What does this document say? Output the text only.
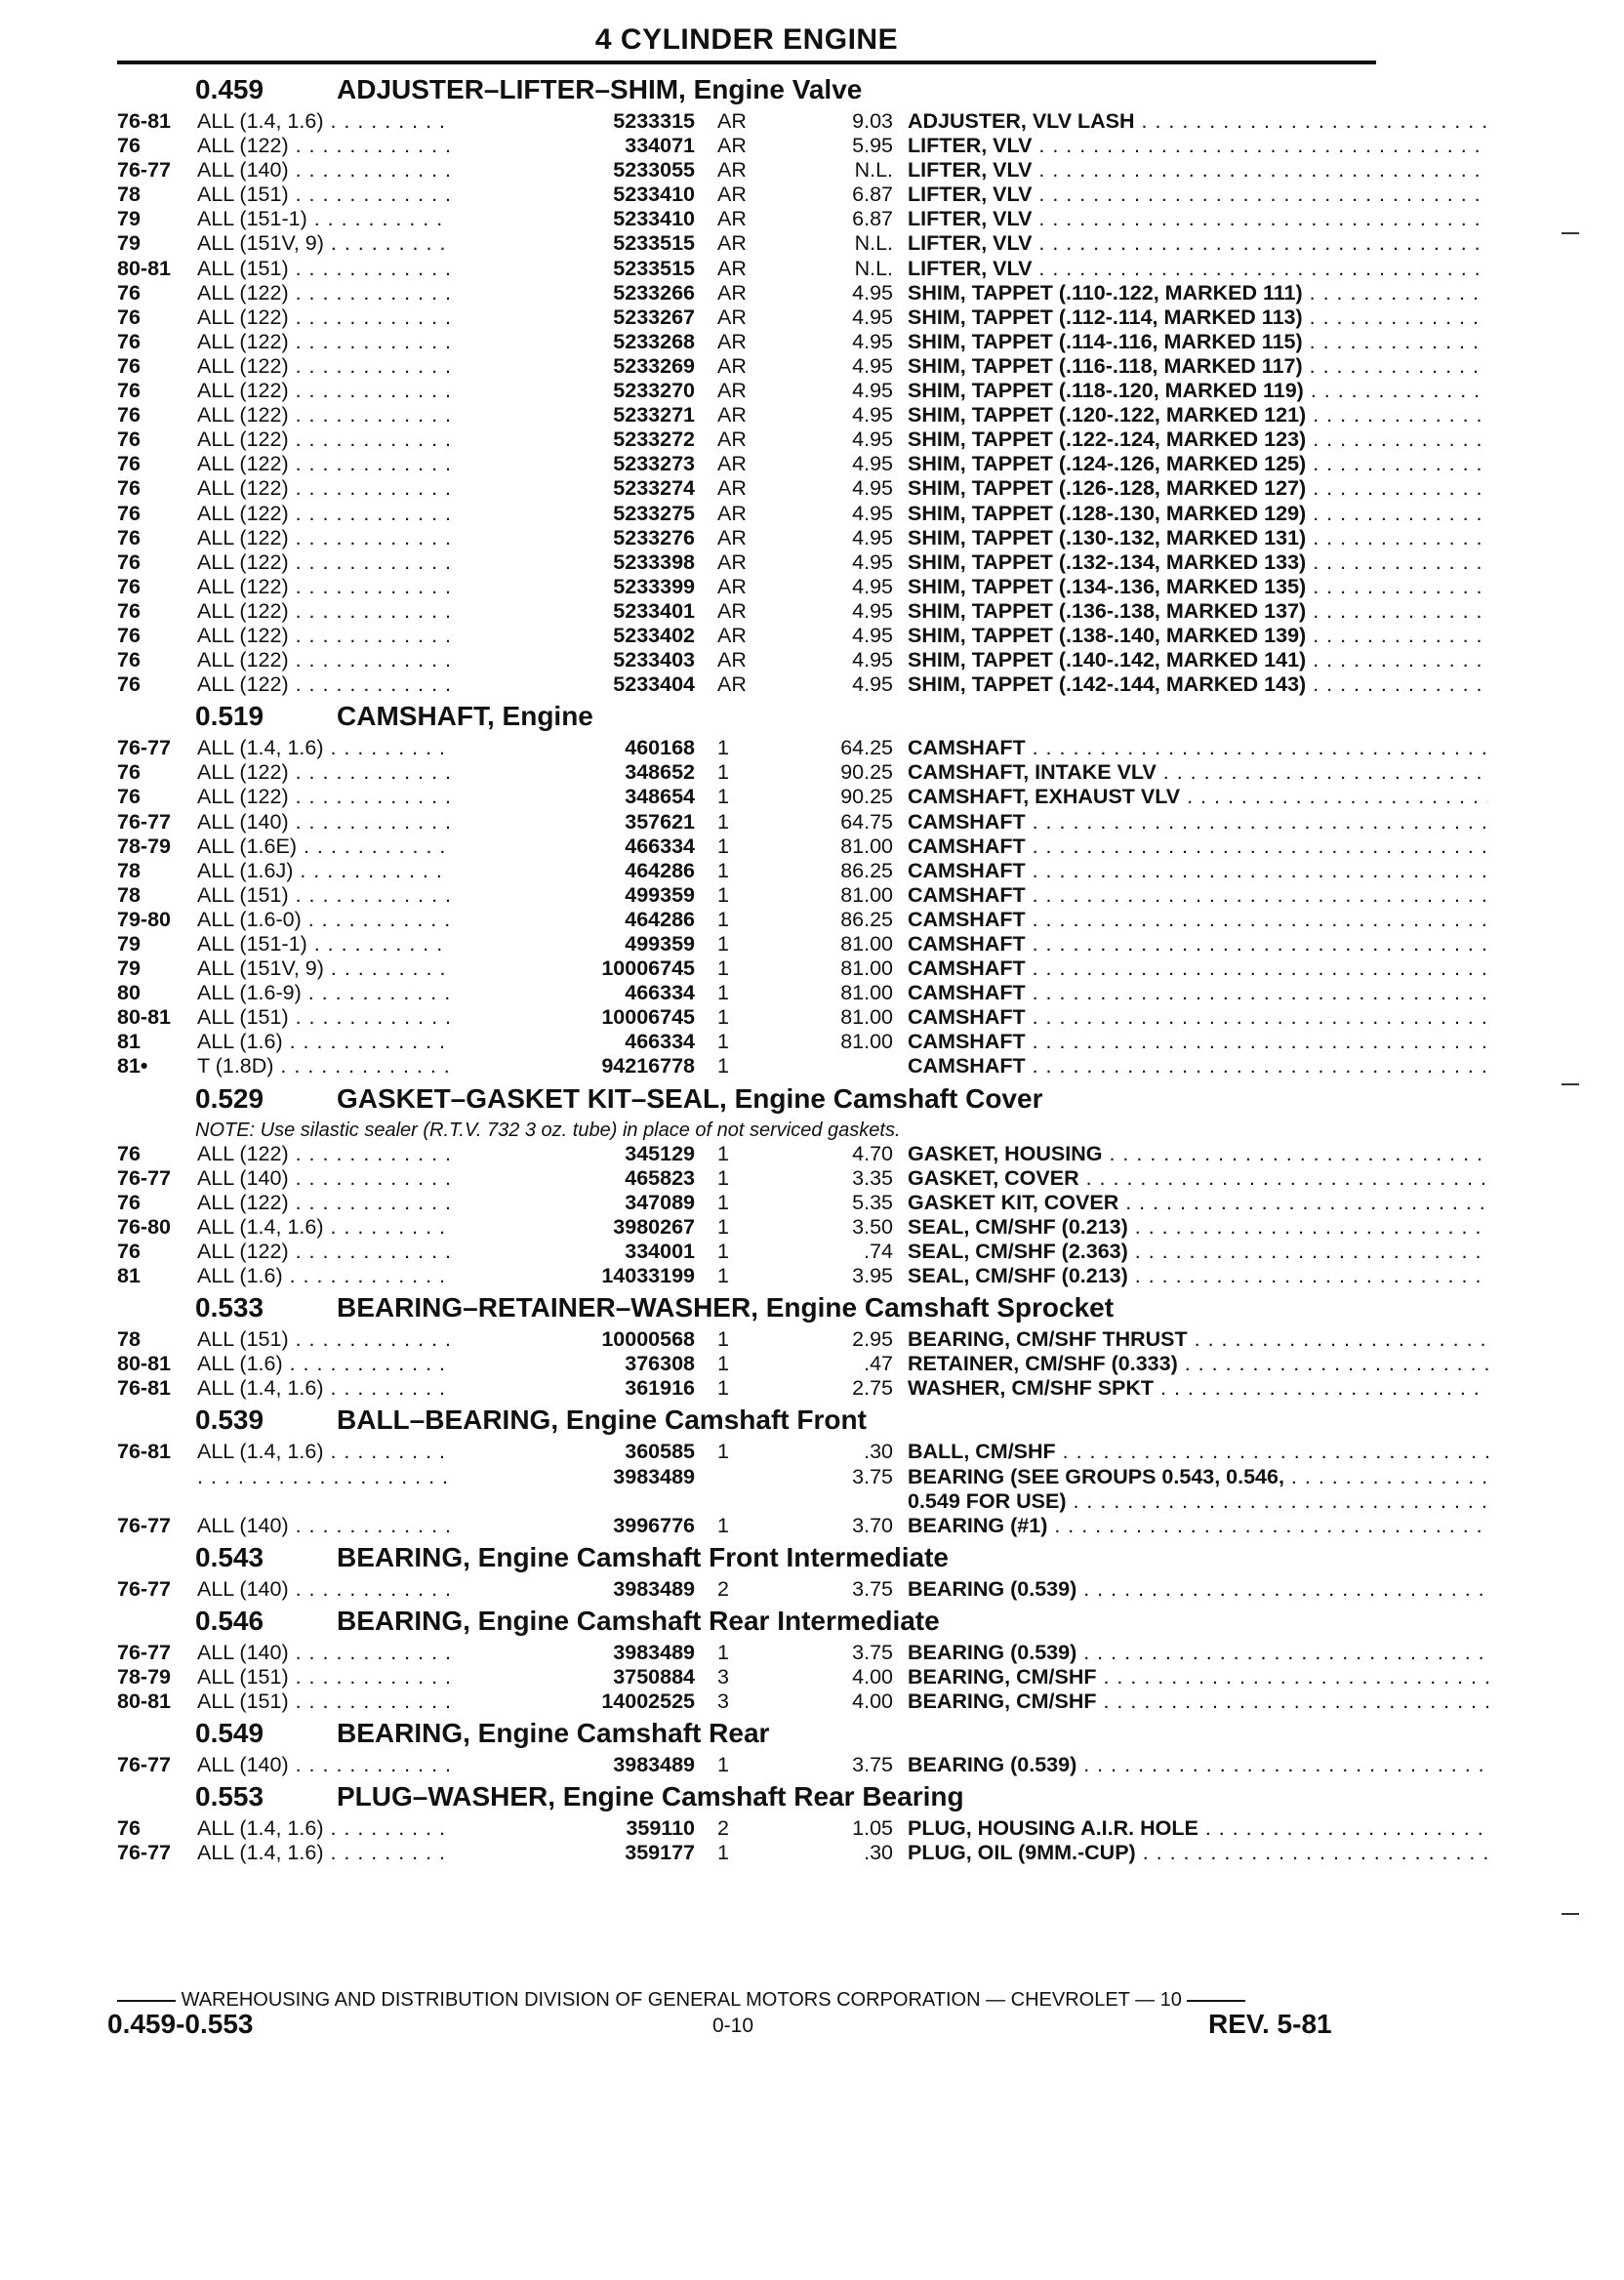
4 CYLINDER ENGINE
0.459	ADJUSTER–LIFTER–SHIM, Engine Valve
76-81	ALL (1.4, 1.6) . . .	5233315 AR	9.03 ADJUSTER, VLV LASH . . .
76	ALL (122) . . .	334071 AR	5.95 LIFTER, VLV . . .
76-77	ALL (140) . . .	5233055 AR	N.L. LIFTER, VLV . . .
78	ALL (151) . . .	5233410 AR	6.87 LIFTER, VLV . . .
79	ALL (151-1) . . .	5233410 AR	6.87 LIFTER, VLV . . .
79	ALL (151V, 9) . . .	5233515 AR	N.L. LIFTER, VLV . . .
80-81	ALL (151) . . .	5233515 AR	N.L. LIFTER, VLV . . .
76	ALL (122) . . .	5233266 AR	4.95 SHIM, TAPPET (.110-.122, MARKED 111) . . .
76	ALL (122) . . .	5233267 AR	4.95 SHIM, TAPPET (.112-.114, MARKED 113) . . .
76	ALL (122) . . .	5233268 AR	4.95 SHIM, TAPPET (.114-.116, MARKED 115) . . .
76	ALL (122) . . .	5233269 AR	4.95 SHIM, TAPPET (.116-.118, MARKED 117) . . .
76	ALL (122) . . .	5233270 AR	4.95 SHIM, TAPPET (.118-.120, MARKED 119) . . .
76	ALL (122) . . .	5233271 AR	4.95 SHIM, TAPPET (.120-.122, MARKED 121) . . .
76	ALL (122) . . .	5233272 AR	4.95 SHIM, TAPPET (.122-.124, MARKED 123) . . .
76	ALL (122) . . .	5233273 AR	4.95 SHIM, TAPPET (.124-.126, MARKED 125) . . .
76	ALL (122) . . .	5233274 AR	4.95 SHIM, TAPPET (.126-.128, MARKED 127) . . .
76	ALL (122) . . .	5233275 AR	4.95 SHIM, TAPPET (.128-.130, MARKED 129) . . .
76	ALL (122) . . .	5233276 AR	4.95 SHIM, TAPPET (.130-.132, MARKED 131) . . .
76	ALL (122) . . .	5233398 AR	4.95 SHIM, TAPPET (.132-.134, MARKED 133) . . .
76	ALL (122) . . .	5233399 AR	4.95 SHIM, TAPPET (.134-.136, MARKED 135) . . .
76	ALL (122) . . .	5233401 AR	4.95 SHIM, TAPPET (.136-.138, MARKED 137) . . .
76	ALL (122) . . .	5233402 AR	4.95 SHIM, TAPPET (.138-.140, MARKED 139) . . .
76	ALL (122) . . .	5233403 AR	4.95 SHIM, TAPPET (.140-.142, MARKED 141) . . .
76	ALL (122) . . .	5233404 AR	4.95 SHIM, TAPPET (.142-.144, MARKED 143) . . .
0.519	CAMSHAFT, Engine
76-77	ALL (1.4, 1.6) . . .	460168 1	64.25 CAMSHAFT . . .
76	ALL (122) . . .	348652 1	90.25 CAMSHAFT, INTAKE VLV . . .
76	ALL (122) . . .	348654 1	90.25 CAMSHAFT, EXHAUST VLV . . .
76-77	ALL (140) . . .	357621 1	64.75 CAMSHAFT . . .
78-79	ALL (1.6E) . . .	466334 1	81.00 CAMSHAFT . . .
78	ALL (1.6J) . . .	464286 1	86.25 CAMSHAFT . . .
78	ALL (151) . . .	499359 1	81.00 CAMSHAFT . . .
79-80	ALL (1.6-0) . . .	464286 1	86.25 CAMSHAFT . . .
79	ALL (151-1) . . .	499359 1	81.00 CAMSHAFT . . .
79	ALL (151V, 9) . . .	10006745 1	81.00 CAMSHAFT . . .
80	ALL (1.6-9) . . .	466334 1	81.00 CAMSHAFT . . .
80-81	ALL (151) . . .	10006745 1	81.00 CAMSHAFT . . .
81	ALL (1.6) . . .	466334 1	81.00 CAMSHAFT . . .
81•	T (1.8D) . . .	94216778 1	CAMSHAFT . . .
0.529	GASKET–GASKET KIT–SEAL, Engine Camshaft Cover
NOTE: Use silastic sealer (R.T.V. 732 3 oz. tube) in place of not serviced gaskets.
76	ALL (122) . . .	345129 1	4.70 GASKET, HOUSING . . .
76-77	ALL (140) . . .	465823 1	3.35 GASKET, COVER . . .
76	ALL (122) . . .	347089 1	5.35 GASKET KIT, COVER . . .
76-80	ALL (1.4, 1.6) . . .	3980267 1	3.50 SEAL, CM/SHF (0.213) . . .
76	ALL (122) . . .	334001 1	.74 SEAL, CM/SHF (2.363) . . .
81	ALL (1.6) . . .	14033199 1	3.95 SEAL, CM/SHF (0.213) . . .
0.533	BEARING–RETAINER–WASHER, Engine Camshaft Sprocket
78	ALL (151) . . .	10000568 1	2.95 BEARING, CM/SHF THRUST . . .
80-81	ALL (1.6) . . .	376308 1	.47 RETAINER, CM/SHF (0.333) . . .
76-81	ALL (1.4, 1.6) . . .	361916 1	2.75 WASHER, CM/SHF SPKT . . .
0.539	BALL–BEARING, Engine Camshaft Front
76-81	ALL (1.4, 1.6) . . .	360585 1	.30 BALL, CM/SHF . . .
. . .
3983489	3.75 BEARING (SEE GROUPS 0.543, 0.546, . . .
0.549 FOR USE) . . .
76-77	ALL (140) . . .	3996776 1	3.70 BEARING (#1) . . .
0.543	BEARING, Engine Camshaft Front Intermediate
76-77	ALL (140) . . .	3983489 2	3.75 BEARING (0.539) . . .
0.546	BEARING, Engine Camshaft Rear Intermediate
76-77	ALL (140) . . .	3983489 1	3.75 BEARING (0.539) . . .
78-79	ALL (151) . . .	3750884 3	4.00 BEARING, CM/SHF . . .
80-81	ALL (151) . . .	14002525 3	4.00 BEARING, CM/SHF . . .
0.549	BEARING, Engine Camshaft Rear
76-77	ALL (140) . . .	3983489 1	3.75 BEARING (0.539) . . .
0.553	PLUG–WASHER, Engine Camshaft Rear Bearing
76	ALL (1.4, 1.6) . . .	359110 2	1.05 PLUG, HOUSING A.I.R. HOLE . . .
76-77	ALL (1.4, 1.6) . . .	359177 1	.30 PLUG, OIL (9MM.-CUP) . . .
WAREHOUSING AND DISTRIBUTION DIVISION OF GENERAL MOTORS CORPORATION — CHEVROLET — 10
0.459-0.553	0-10	REV. 5-81
